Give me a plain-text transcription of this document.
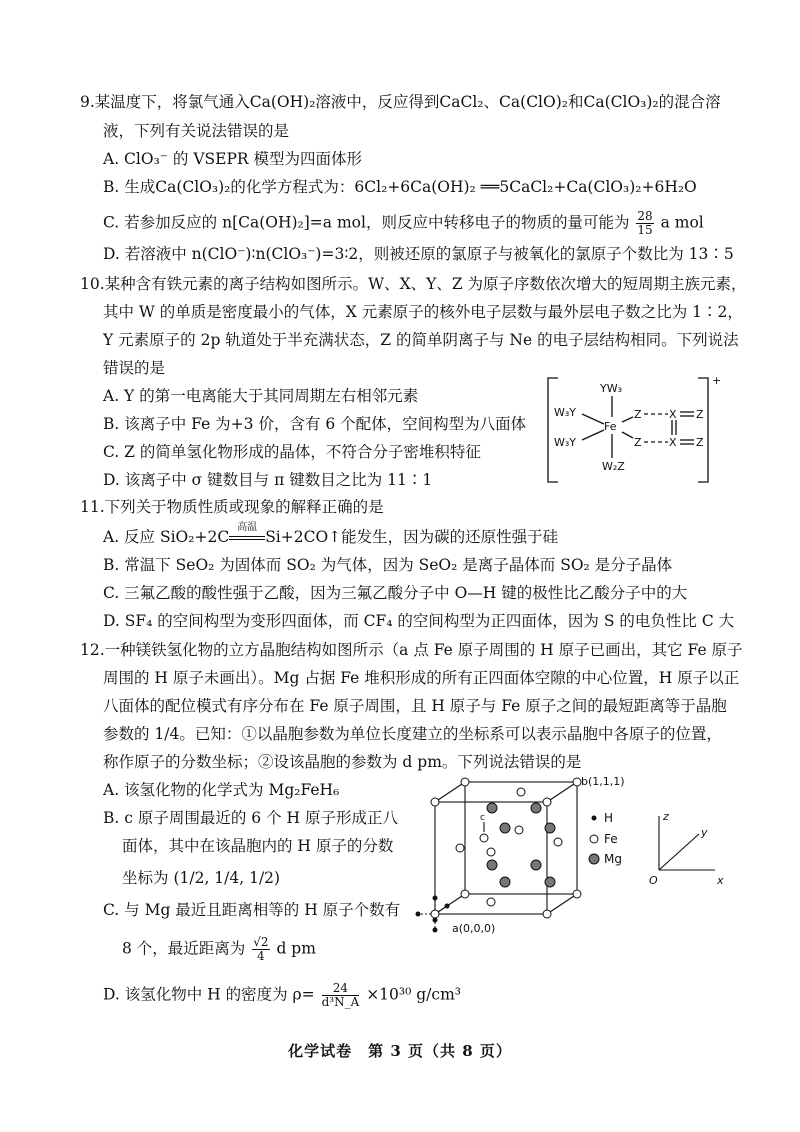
9.某温度下，将氯气通入Ca(OH)₂溶液中，反应得到CaCl₂、Ca(ClO)₂和Ca(ClO₃)₂的混合溶
液，下列有关说法错误的是
A. ClO₃⁻ 的 VSEPR 模型为四面体形
B. 生成Ca(ClO₃)₂的化学方程式为：6Cl₂+6Ca(OH)₂ ══5CaCl₂+Ca(ClO₃)₂+6H₂O
C. 若参加反应的 n[Ca(OH)₂]=a mol，则反应中转移电子的物质的量可能为 $\frac{28}{15}$ a mol
D. 若溶液中 n(ClO⁻)∶n(ClO₃⁻)=3∶2，则被还原的氯原子与被氧化的氯原子个数比为 13∶5
10.某种含有铁元素的离子结构如图所示。W、X、Y、Z 为原子序数依次增大的短周期主族元素，
其中 W 的单质是密度最小的气体，X 元素原子的核外电子层数与最外层电子数之比为 1∶2，
Y 元素原子的 2p 轨道处于半充满状态，Z 的简单阴离子与 Ne 的电子层结构相同。下列说法
错误的是
A. Y 的第一电离能大于其同周期左右相邻元素
B. 该离子中 Fe 为+3 价，含有 6 个配体，空间构型为八面体
C. Z 的简单氢化物形成的晶体，不符合分子密堆积特征
D. 该离子中 σ 键数目与 π 键数目之比为 11∶1
+
YW₃
W₃Y
W₃Y
Fe
W₂Z
Z X Z
Z X Z
11.下列关于物质性质或现象的解释正确的是
A. 反应 SiO₂+2C
高温
Si+2CO↑能发生，因为碳的还原性强于硅
B. 常温下 SeO₂ 为固体而 SO₂ 为气体，因为 SeO₂ 是离子晶体而 SO₂ 是分子晶体
C. 三氟乙酸的酸性强于乙酸，因为三氟乙酸分子中 O—H 键的极性比乙酸分子中的大
D. SF₄ 的空间构型为变形四面体，而 CF₄ 的空间构型为正四面体，因为 S 的电负性比 C 大
12.一种镁铁氢化物的立方晶胞结构如图所示（a 点 Fe 原子周围的 H 原子已画出，其它 Fe 原子
周围的 H 原子未画出）。Mg 占据 Fe 堆积形成的所有正四面体空隙的中心位置，H 原子以正
八面体的配位模式有序分布在 Fe 原子周围，且 H 原子与 Fe 原子之间的最短距离等于晶胞
参数的 1/4。已知：①以晶胞参数为单位长度建立的坐标系可以表示晶胞中各原子的位置，
称作原子的分数坐标；②设该晶胞的参数为 d pm。下列说法错误的是
A. 该氢化物的化学式为 Mg₂FeH₆
B. c 原子周围最近的 6 个 H 原子形成正八
面体，其中在该晶胞内的 H 原子的分数
坐标为 (1/2, 1/4, 1/2)
C. 与 Mg 最近且距离相等的 H 原子个数有
8 个，最近距离为 $\frac{√2}{4}$ d pm
D. 该氢化物中 H 的密度为 $\rho= \frac{24}{\text{d³N\_A}} \times 10^{30}$ g/cm³
b(1,1,1)
a(0,0,0)
c	H
Fe
Mg
z
y
x
O
化学试卷　第 3 页（共 8 页）
